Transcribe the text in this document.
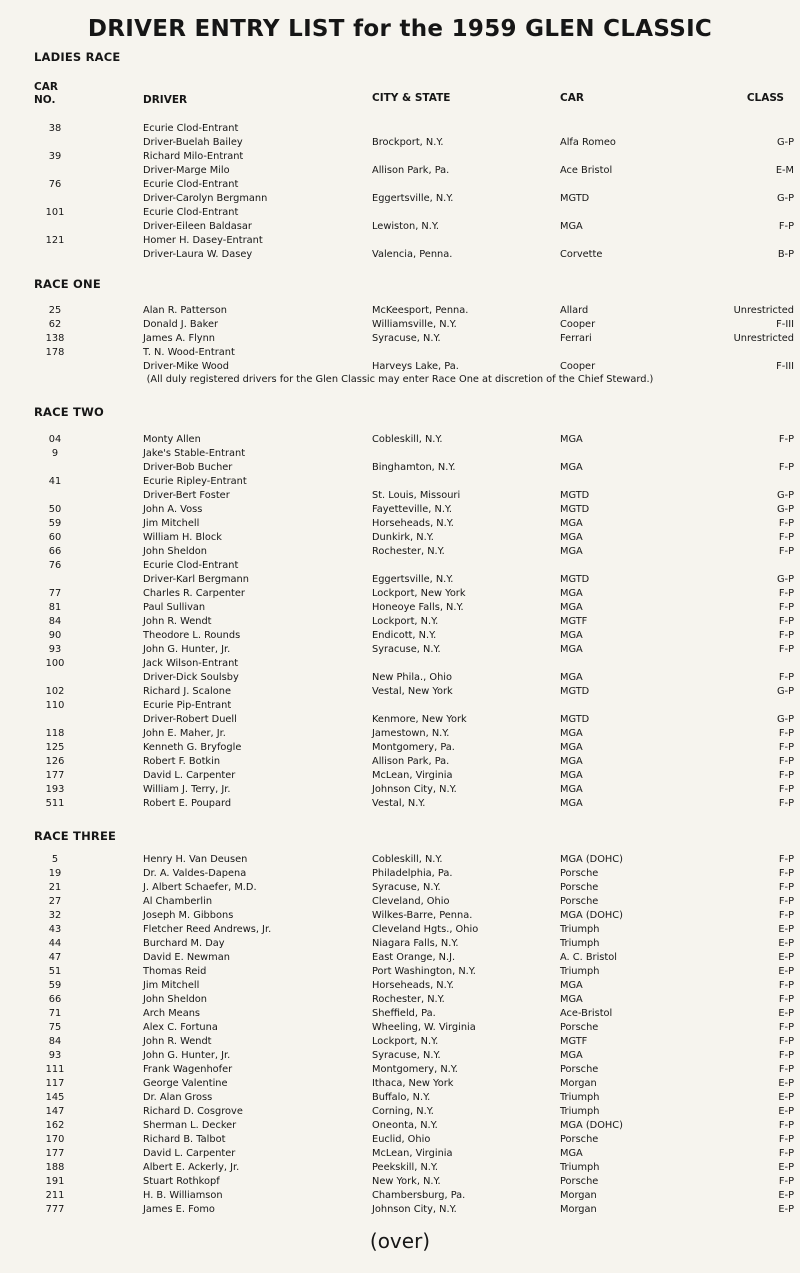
DRIVER ENTRY LIST for the 1959 GLEN CLASSIC
LADIES RACE
CAR
NO.	DRIVER	CITY & STATE	CAR	CLASS
38	Ecurie Clod-Entrant
Driver-Buelah Bailey	Brockport, N.Y.	Alfa Romeo	G-P
39	Richard Milo-Entrant
Driver-Marge Milo	Allison Park, Pa.	Ace Bristol	E-M
76	Ecurie Clod-Entrant
Driver-Carolyn Bergmann	Eggertsville, N.Y.	MGTD	G-P
101	Ecurie Clod-Entrant
Driver-Eileen Baldasar	Lewiston, N.Y.	MGA	F-P
121	Homer H. Dasey-Entrant
Driver-Laura W. Dasey	Valencia, Penna.	Corvette	B-P
RACE ONE
25	Alan R. Patterson	McKeesport, Penna.	Allard	Unrestricted
62	Donald J. Baker	Williamsville, N.Y.	Cooper	F-III
138	James A. Flynn	Syracuse, N.Y.	Ferrari	Unrestricted
178	T. N. Wood-Entrant
Driver-Mike Wood	Harveys Lake, Pa.	Cooper	F-III

(All duly registered drivers for the Glen Classic may enter Race One at discretion of the Chief Steward.)

RACE TWO
04	Monty Allen	Cobleskill, N.Y.	MGA	F-P
9	Jake's Stable-Entrant
Driver-Bob Bucher	Binghamton, N.Y.	MGA	F-P
41	Ecurie Ripley-Entrant
Driver-Bert Foster	St. Louis, Missouri	MGTD	G-P
50	John A. Voss	Fayetteville, N.Y.	MGTD	G-P
59	Jim Mitchell	Horseheads, N.Y.	MGA	F-P
60	William H. Block	Dunkirk, N.Y.	MGA	F-P
66	John Sheldon	Rochester, N.Y.	MGA	F-P
76	Ecurie Clod-Entrant
Driver-Karl Bergmann	Eggertsville, N.Y.	MGTD	G-P
77	Charles R. Carpenter	Lockport, New York	MGA	F-P
81	Paul Sullivan	Honeoye Falls, N.Y.	MGA	F-P
84	John R. Wendt	Lockport, N.Y.	MGTF	F-P
90	Theodore L. Rounds	Endicott, N.Y.	MGA	F-P
93	John G. Hunter, Jr.	Syracuse, N.Y.	MGA	F-P
100	Jack Wilson-Entrant
Driver-Dick Soulsby	New Phila., Ohio	MGA	F-P
102	Richard J. Scalone	Vestal, New York	MGTD	G-P
110	Ecurie Pip-Entrant
Driver-Robert Duell	Kenmore, New York	MGTD	G-P
118	John E. Maher, Jr.	Jamestown, N.Y.	MGA	F-P
125	Kenneth G. Bryfogle	Montgomery, Pa.	MGA	F-P
126	Robert F. Botkin	Allison Park, Pa.	MGA	F-P
177	David L. Carpenter	McLean, Virginia	MGA	F-P
193	William J. Terry, Jr.	Johnson City, N.Y.	MGA	F-P
511	Robert E. Poupard	Vestal, N.Y.	MGA	F-P
RACE THREE
5	Henry H. Van Deusen	Cobleskill, N.Y.	MGA (DOHC)	F-P
19	Dr. A. Valdes-Dapena	Philadelphia, Pa.	Porsche	F-P
21	J. Albert Schaefer, M.D.	Syracuse, N.Y.	Porsche	F-P
27	Al Chamberlin	Cleveland, Ohio	Porsche	F-P
32	Joseph M. Gibbons	Wilkes-Barre, Penna.	MGA (DOHC)	F-P
43	Fletcher Reed Andrews, Jr.	Cleveland Hgts., Ohio	Triumph	E-P
44	Burchard M. Day	Niagara Falls, N.Y.	Triumph	E-P
47	David E. Newman	East Orange, N.J.	A. C. Bristol	E-P
51	Thomas Reid	Port Washington, N.Y.	Triumph	E-P
59	Jim Mitchell	Horseheads, N.Y.	MGA	F-P
66	John Sheldon	Rochester, N.Y.	MGA	F-P
71	Arch Means	Sheffield, Pa.	Ace-Bristol	E-P
75	Alex C. Fortuna	Wheeling, W. Virginia	Porsche	F-P
84	John R. Wendt	Lockport, N.Y.	MGTF	F-P
93	John G. Hunter, Jr.	Syracuse, N.Y.	MGA	F-P
111	Frank Wagenhofer	Montgomery, N.Y.	Porsche	F-P
117	George Valentine	Ithaca, New York	Morgan	E-P
145	Dr. Alan Gross	Buffalo, N.Y.	Triumph	E-P
147	Richard D. Cosgrove	Corning, N.Y.	Triumph	E-P
162	Sherman L. Decker	Oneonta, N.Y.	MGA (DOHC)	F-P
170	Richard B. Talbot	Euclid, Ohio	Porsche	F-P
177	David L. Carpenter	McLean, Virginia	MGA	F-P
188	Albert E. Ackerly, Jr.	Peekskill, N.Y.	Triumph	E-P
191	Stuart Rothkopf	New York, N.Y.	Porsche	F-P
211	H. B. Williamson	Chambersburg, Pa.	Morgan	E-P
777	James E. Fomo	Johnson City, N.Y.	Morgan	E-P

(over)
